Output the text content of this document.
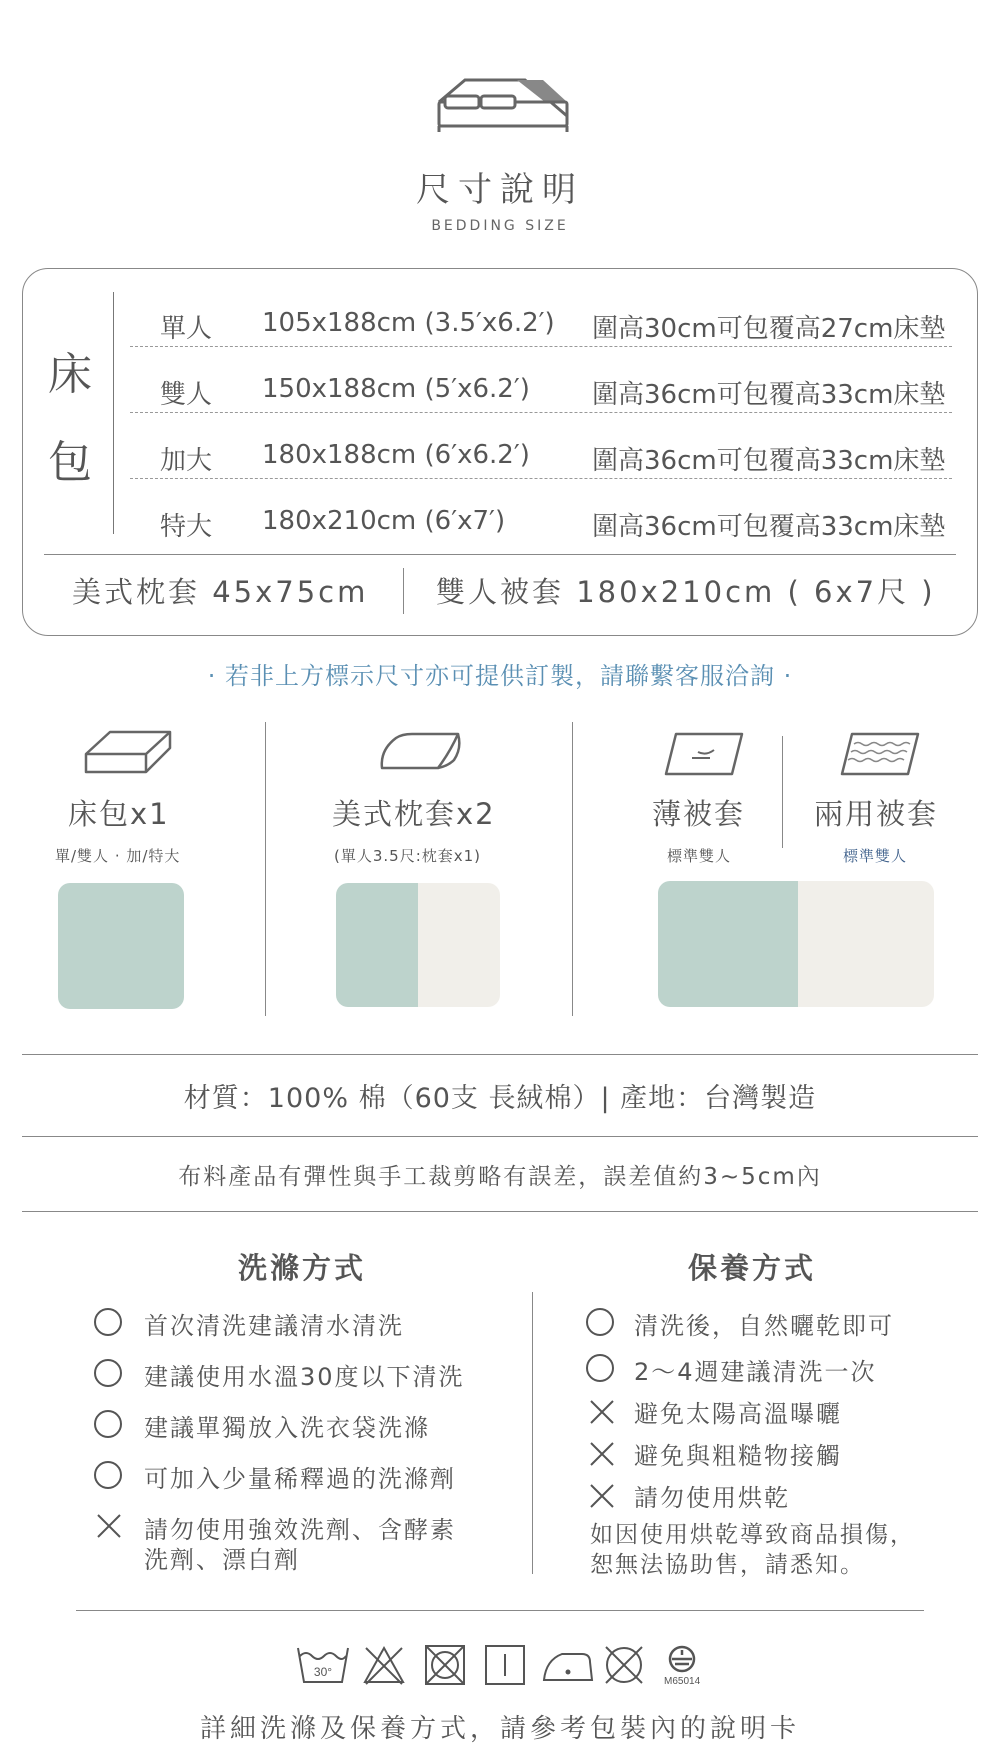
尺寸說明
BEDDING SIZE
床
包
單人 105x188cm (3.5′x6.2′) 圍高30cm可包覆高27cm床墊
雙人 150x188cm (5′x6.2′) 圍高36cm可包覆高33cm床墊
加大 180x188cm (6′x6.2′) 圍高36cm可包覆高33cm床墊
特大 180x210cm (6′x7′)	圍高36cm可包覆高33cm床墊
美式枕套 45x75cm 雙人被套 180x210cm ( 6x7尺 )
· 若非上方標示尺寸亦可提供訂製，請聯繫客服洽詢 ·
床包x1
單/雙人 · 加/特大
美式枕套x2
(單人3.5尺:枕套x1)
薄被套
標準雙人
兩用被套
標準雙人
材質：100% 棉（60支 長絨棉）| 產地：台灣製造
布料產品有彈性與手工裁剪略有誤差，誤差值約3~5cm內
洗滌方式
首次清洗建議清水清洗
建議使用水溫30度以下清洗
建議單獨放入洗衣袋洗滌
可加入少量稀釋過的洗滌劑
請勿使用強效洗劑、含酵素
洗劑、漂白劑
保養方式
清洗後，自然曬乾即可
2～4週建議清洗一次
避免太陽高溫曝曬
避免與粗糙物接觸
請勿使用烘乾
如因使用烘乾導致商品損傷，
恕無法協助售，請悉知。
30°
M65014
詳細洗滌及保養方式，請參考包裝內的說明卡
